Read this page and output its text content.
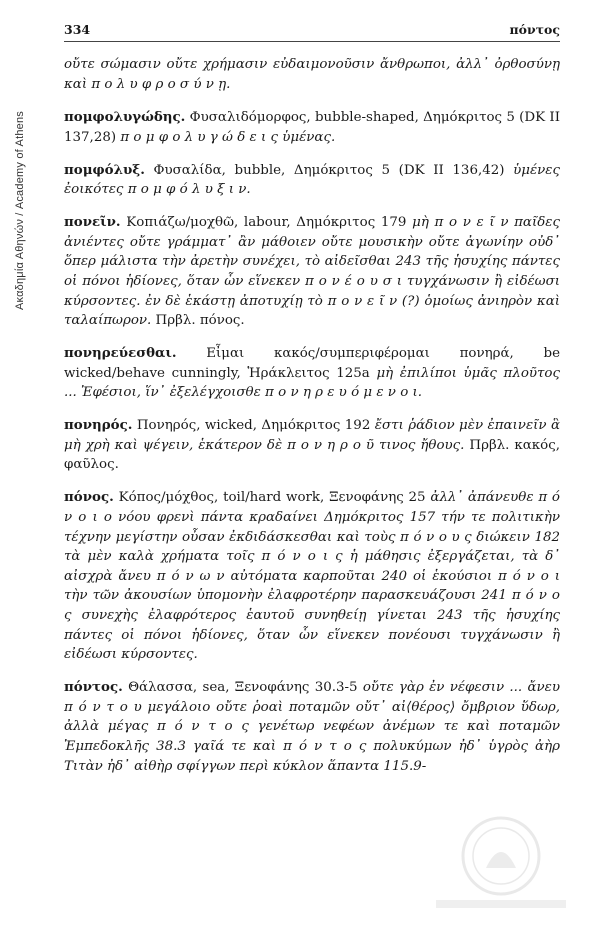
Ακαδημία Αθηνών / Academy of Athens
334	πόντος

οὔτε σώμασιν οὔτε χρήμασιν εὐδαιμονοῦσιν ἄνθρωποι, ἀλλ᾽ ὀρθοσύνῃ καὶ π ο λ υ φ ρ ο σ ύ ν ῃ.

πομφολυγώδης. Φυσαλιδόμορφος, bubble-shaped, Δημόκριτος 5 (DK II 137,28) π ο μ φ ο λ υ γ ώ δ ε ι ς ὑμένας.

πομφόλυξ. Φυσαλίδα, bubble, Δημόκριτος 5 (DK II 136,42) ὑμένες ἐοικότες π ο μ φ ό λ υ ξ ι ν.

πονεῖν. Κοπιάζω/μοχθῶ, labour, Δημόκριτος 179 μὴ π ο ν ε ῖ ν παῖδες ἀνιέντες οὔτε γράμματ᾽ ἂν μάθοιεν οὔτε μουσικὴν οὔτε ἀγωνίην οὐδ᾽ ὅπερ μάλιστα τὴν ἀρετὴν συνέχει, τὸ αἰδεῖσθαι 243 τῆς ἡσυχίης πάντες οἱ πόνοι ἡδίονες, ὅταν ὧν εἵνεκεν π ο ν έ ο υ σ ι τυγχάνωσιν ἢ εἰδέωσι κύρσοντες. ἐν δὲ ἑκάστῃ ἀποτυχίῃ τὸ π ο ν ε ῖ ν (?) ὁμοίως ἀνιηρὸν καὶ ταλαίπωρον. Πρβλ. πόνος.

πονηρεύεσθαι. Εἶμαι κακός/συμπεριφέρομαι πονηρά, be wicked/behave cunningly, Ἡράκλειτος 125a μὴ ἐπιλίποι ὑμᾶς πλοῦτος ... Ἐφέσιοι, ἵν᾽ ἐξελέγχοισθε π ο ν η ρ ε υ ό μ ε ν ο ι.

πονηρός. Πονηρός, wicked, Δημόκριτος 192 ἔστι ῥάδιον μὲν ἐπαινεῖν ἃ μὴ χρὴ καὶ ψέγειν, ἑκάτερον δὲ π ο ν η ρ ο ῦ τινος ἤθους. Πρβλ. κακός, φαῦλος.

πόνος. Κόπος/μόχθος, toil/hard work, Ξενοφάνης 25 ἀλλ᾽ ἀπάνευθε π ό ν ο ι ο νόου φρενὶ πάντα κραδαίνει Δημόκριτος 157 τήν τε πολιτικὴν τέχνην μεγίστην οὖσαν ἐκδιδάσκεσθαι καὶ τοὺς π ό ν ο υ ς διώκειν 182 τὰ μὲν καλὰ χρήματα τοῖς π ό ν ο ι ς ἡ μάθησις ἐξεργάζεται, τὰ δ᾽ αἰσχρὰ ἄνευ π ό ν ω ν αὐτόματα καρποῦται 240 οἱ ἑκούσιοι π ό ν ο ι τὴν τῶν ἀκουσίων ὑπομονὴν ἐλαφροτέρην παρασκευάζουσι 241 π ό ν ο ς συνεχὴς ἐλαφρότερος ἑαυτοῦ συνηθείῃ γίνεται 243 τῆς ἡσυχίης πάντες οἱ πόνοι ἡδίονες, ὅταν ὧν εἵνεκεν πονέουσι τυγχάνωσιν ἢ εἰδέωσι κύρσοντες.

πόντος. Θάλασσα, sea, Ξενοφάνης 30.3-5 οὔτε γὰρ ἐν νέφεσιν ... ἄνευ π ό ν τ ο υ μεγάλοιο οὔτε ῥοαὶ ποταμῶν οὔτ᾽ αἰ⟨θέρος⟩ ὄμβριον ὕδωρ, ἀλλὰ μέγας π ό ν τ ο ς γενέτωρ νεφέων ἀνέμων τε καὶ ποταμῶν Ἐμπεδοκλῆς 38.3 γαῖά τε καὶ π ό ν τ ο ς πολυκύμων ἠδ᾽ ὑγρὸς ἀὴρ Τιτὰν ἠδ᾽ αἰθὴρ σφίγγων περὶ κύκλον ἅπαντα 115.9-
